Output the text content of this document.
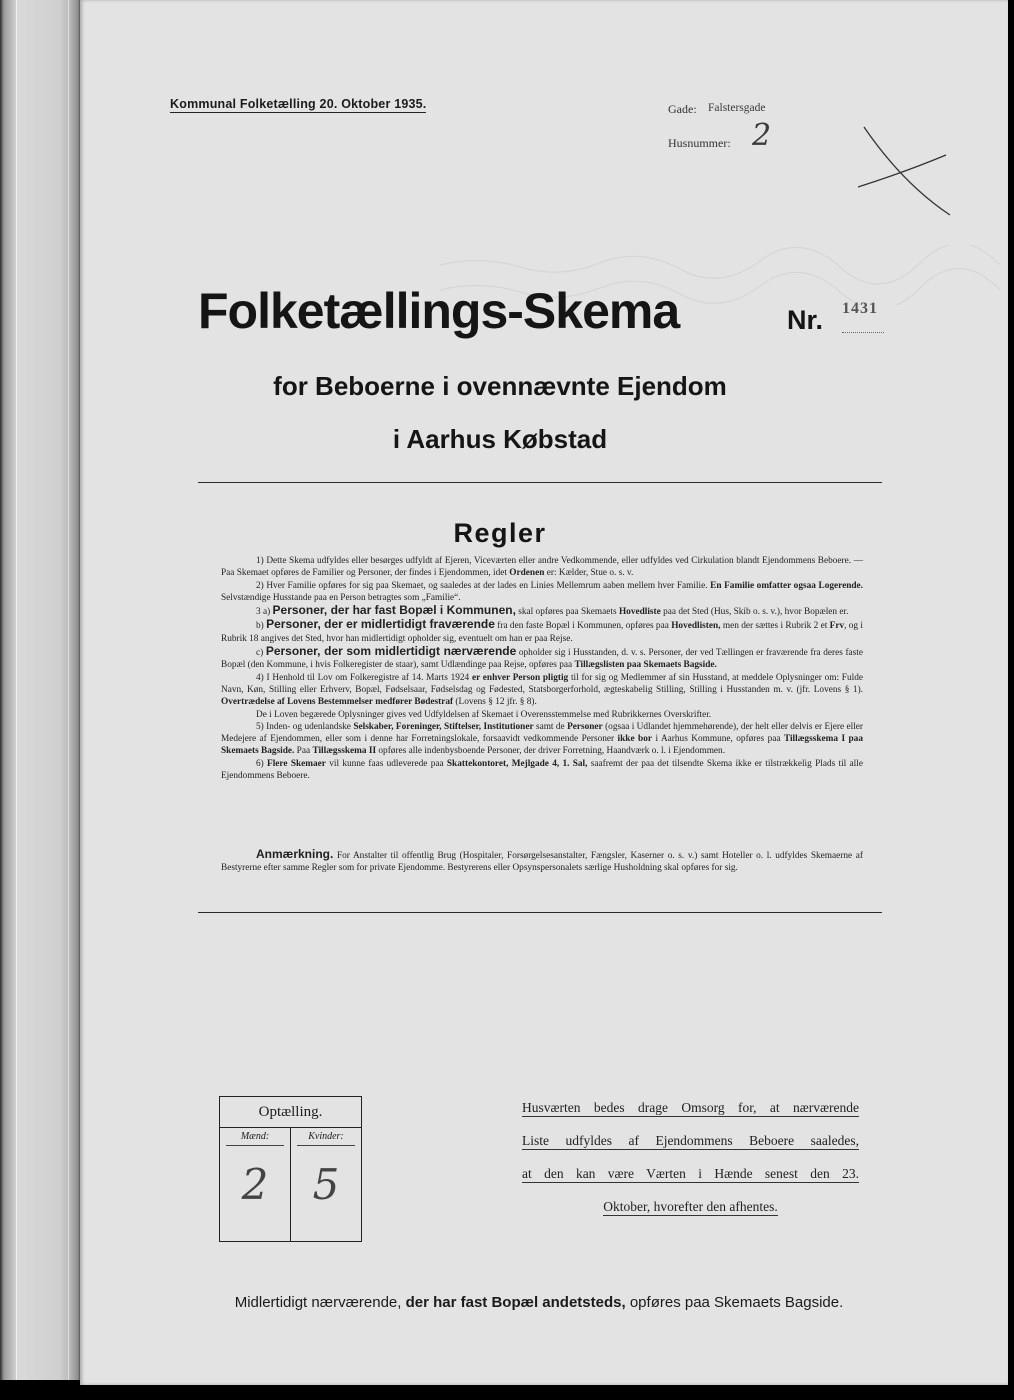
Kommunal Folketælling 20. Oktober 1935.	Gade: Falstersgade
Husnummer: 2
Folketællings-Skema	Nr. 1431
for Beboerne i ovennævnte Ejendom
i Aarhus Købstad
Regler

1) Dette Skema udfyldes eller besørges udfyldt af Ejeren, Viceværten eller andre Vedkommende, eller udfyldes ved Cirkulation blandt Ejendommens Beboere. — Paa Skemaet opføres de Familier og Personer, der findes i Ejendommen, idet Ordenen er: Kælder, Stue o. s. v.

2) Hver Familie opføres for sig paa Skemaet, og saaledes at der lades en Linies Mellemrum aaben mellem hver Familie. En Familie omfatter ogsaa Logerende. Selvstændige Husstande paa en Person betragtes som „Familie“.

3 a) Personer, der har fast Bopæl i Kommunen, skal opføres paa Skemaets Hovedliste paa det Sted (Hus, Skib o. s. v.), hvor Bopælen er.

b) Personer, der er midlertidigt fraværende fra den faste Bopæl i Kommunen, opføres paa Hovedlisten, men der sættes i Rubrik 2 et Frv, og i Rubrik 18 angives det Sted, hvor han midlertidigt opholder sig, eventuelt om han er paa Rejse.

c) Personer, der som midlertidigt nærværende opholder sig i Husstanden, d. v. s. Personer, der ved Tællingen er fraværende fra deres faste Bopæl (den Kommune, i hvis Folkeregister de staar), samt Udlændinge paa Rejse, opføres paa Tillægslisten paa Skemaets Bagside.

4) I Henhold til Lov om Folkeregistre af 14. Marts 1924 er enhver Person pligtig til for sig og Medlemmer af sin Husstand, at meddele Oplysninger om: Fulde Navn, Køn, Stilling eller Erhverv, Bopæl, Fødselsaar, Fødselsdag og Fødested, Statsborgerforhold, ægteskabelig Stilling, Stilling i Husstanden m. v. (jfr. Lovens § 1). Overtrædelse af Lovens Bestemmelser medfører Bødestraf (Lovens § 12 jfr. § 8).

De i Loven begærede Oplysninger gives ved Udfyldelsen af Skemaet i Overensstemmelse med Rubrikkernes Overskrifter.

5) Inden- og udenlandske Selskaber, Foreninger, Stiftelser, Institutioner samt de Personer (ogsaa i Udlandet hjemmehørende), der helt eller delvis er Ejere eller Medejere af Ejendommen, eller som i denne har Forretningslokale, forsaavidt vedkommende Personer ikke bor i Aarhus Kommune, opføres paa Tillægsskema I paa Skemaets Bagside. Paa Tillægsskema II opføres alle indenbysboende Personer, der driver Forretning, Haandværk o. l. i Ejendommen.

6) Flere Skemaer vil kunne faas udleverede paa Skattekontoret, Mejlgade 4, 1. Sal, saafremt der paa det tilsendte Skema ikke er tilstrækkelig Plads til alle Ejendommens Beboere.

Anmærkning. For Anstalter til offentlig Brug (Hospitaler, Forsørgelsesanstalter, Fængsler, Kaserner o. s. v.) samt Hoteller o. l. udfyldes Skemaerne af Bestyrerne efter samme Regler som for private Ejendomme. Bestyrerens eller Opsynspersonalets særlige Husholdning skal opføres for sig.

Optælling.
Mænd:
2
Kvinder:
5
Husværten bedes drage Omsorg for, at nærværende
Liste udfyldes af Ejendommens Beboere saaledes,
at den kan være Værten i Hænde senest den 23.
Oktober, hvorefter den afhentes.
Midlertidigt nærværende, der har fast Bopæl andetsteds, opføres paa Skemaets Bagside.
